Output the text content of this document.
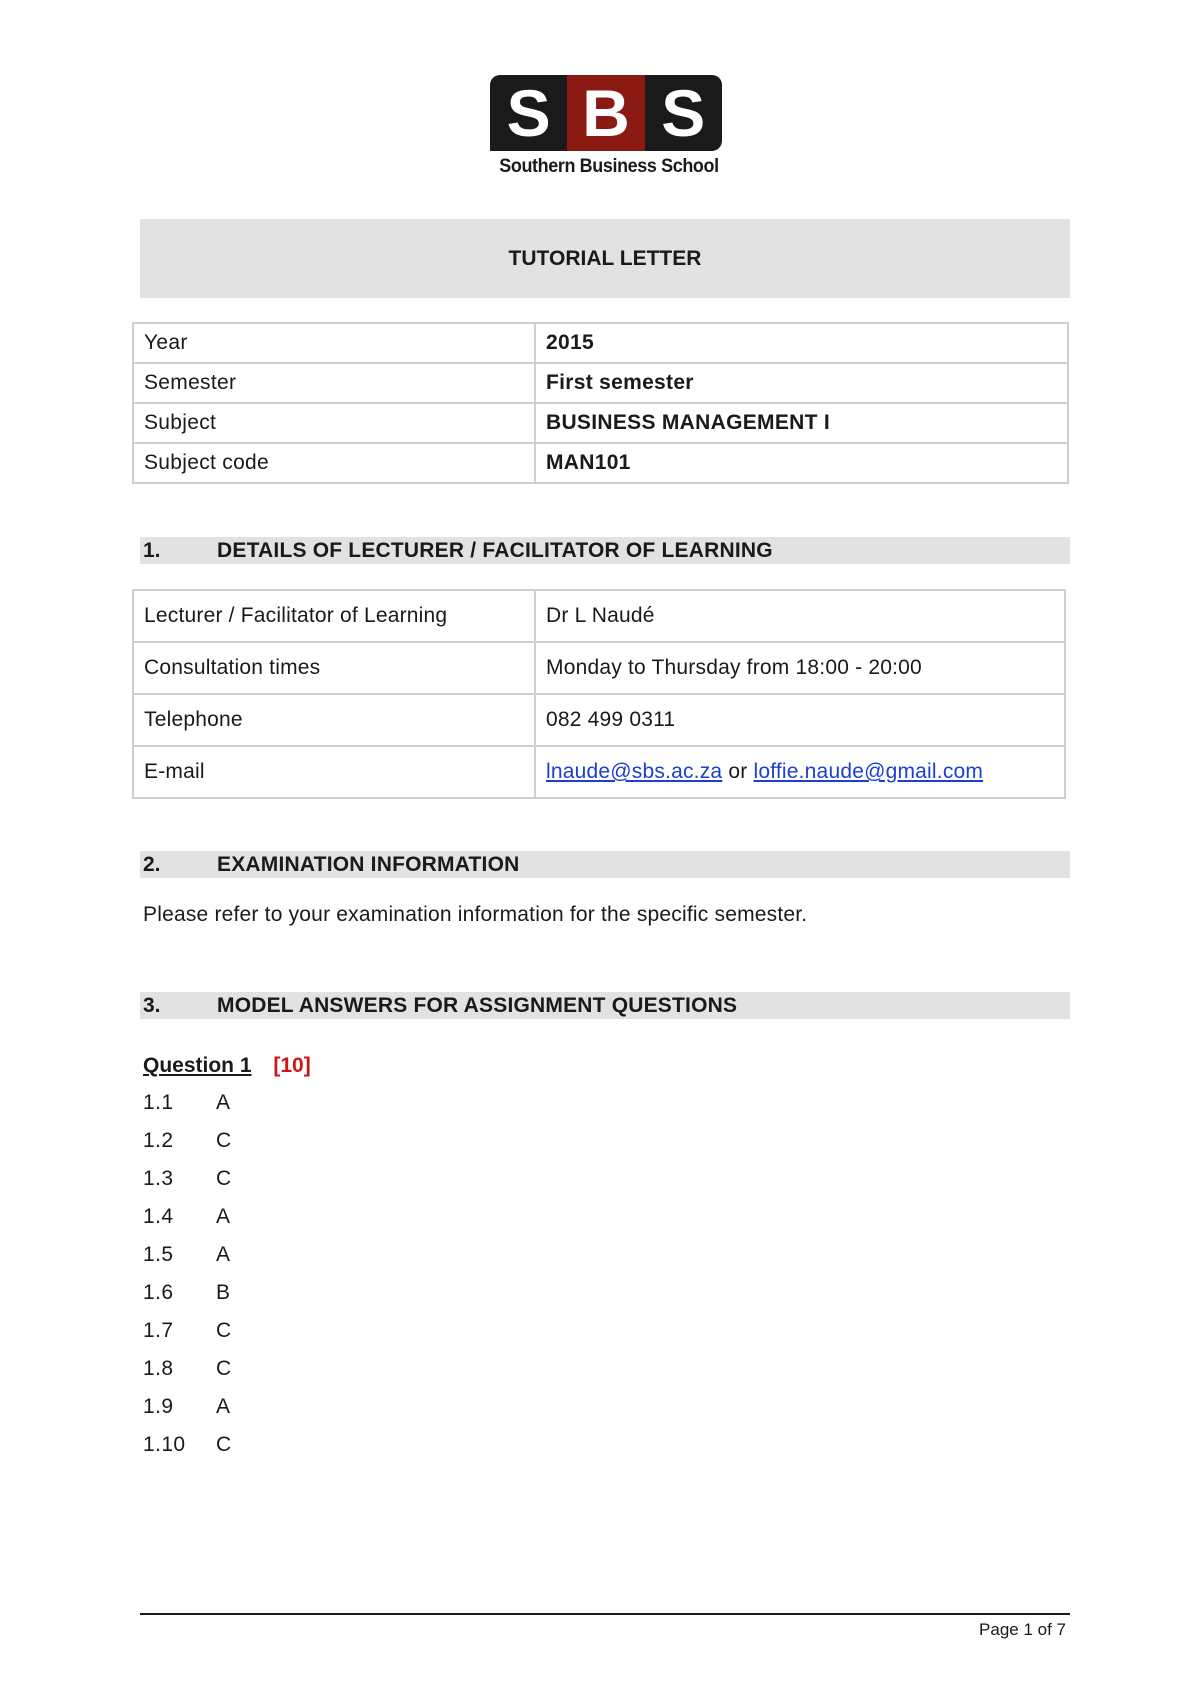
S B S
Southern Business School
TUTORIAL LETTER
Year	2015
Semester	First semester
Subject	BUSINESS MANAGEMENT I
Subject code	MAN101
1.	DETAILS OF LECTURER / FACILITATOR OF LEARNING
Lecturer / Facilitator of Learning	Dr L Naudé
Consultation times	Monday to Thursday from 18:00 - 20:00
Telephone	082 499 0311
E-mail	lnaude@sbs.ac.za or loffie.naude@gmail.com
2.	EXAMINATION INFORMATION
Please refer to your examination information for the specific semester.
3.	MODEL ANSWERS FOR ASSIGNMENT QUESTIONS
Question 1 [10]
1.1 A
1.2 C
1.3 C
1.4 A
1.5 A
1.6 B
1.7 C
1.8 C
1.9 A
1.10 C
Page 1 of 7
